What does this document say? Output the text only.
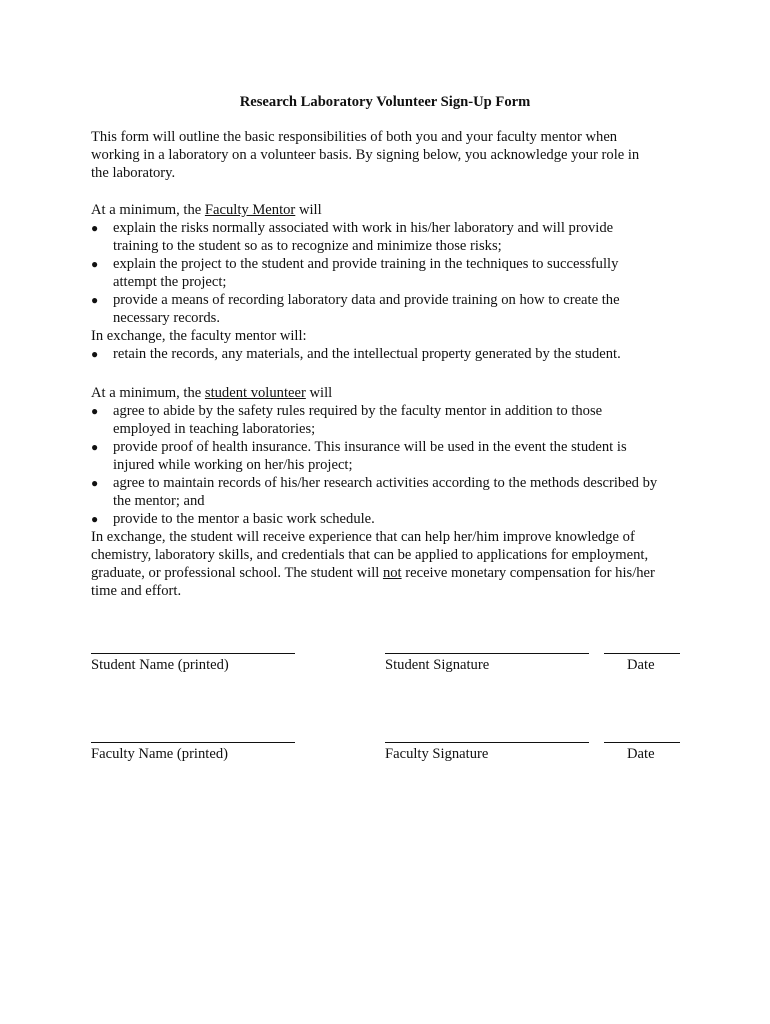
Research Laboratory Volunteer Sign-Up Form
This form will outline the basic responsibilities of both you and your faculty mentor when
working in a laboratory on a volunteer basis. By signing below, you acknowledge your role in
the laboratory.
At a minimum, the Faculty Mentor will
●	explain the risks normally associated with work in his/her laboratory and will provide
training to the student so as to recognize and minimize those risks;
●	explain the project to the student and provide training in the techniques to successfully
attempt the project;
●	provide a means of recording laboratory data and provide training on how to create the
necessary records.
In exchange, the faculty mentor will:
●	retain the records, any materials, and the intellectual property generated by the student.
At a minimum, the student volunteer will
●	agree to abide by the safety rules required by the faculty mentor in addition to those
employed in teaching laboratories;
●	provide proof of health insurance. This insurance will be used in the event the student is
injured while working on her/his project;
●	agree to maintain records of his/her research activities according to the methods described by
the mentor; and
●	provide to the mentor a basic work schedule.
In exchange, the student will receive experience that can help her/him improve knowledge of
chemistry, laboratory skills, and credentials that can be applied to applications for employment,
graduate, or professional school. The student will not receive monetary compensation for his/her
time and effort.
Student Name (printed)	Student Signature	Date
Faculty Name (printed)	Faculty Signature	Date
